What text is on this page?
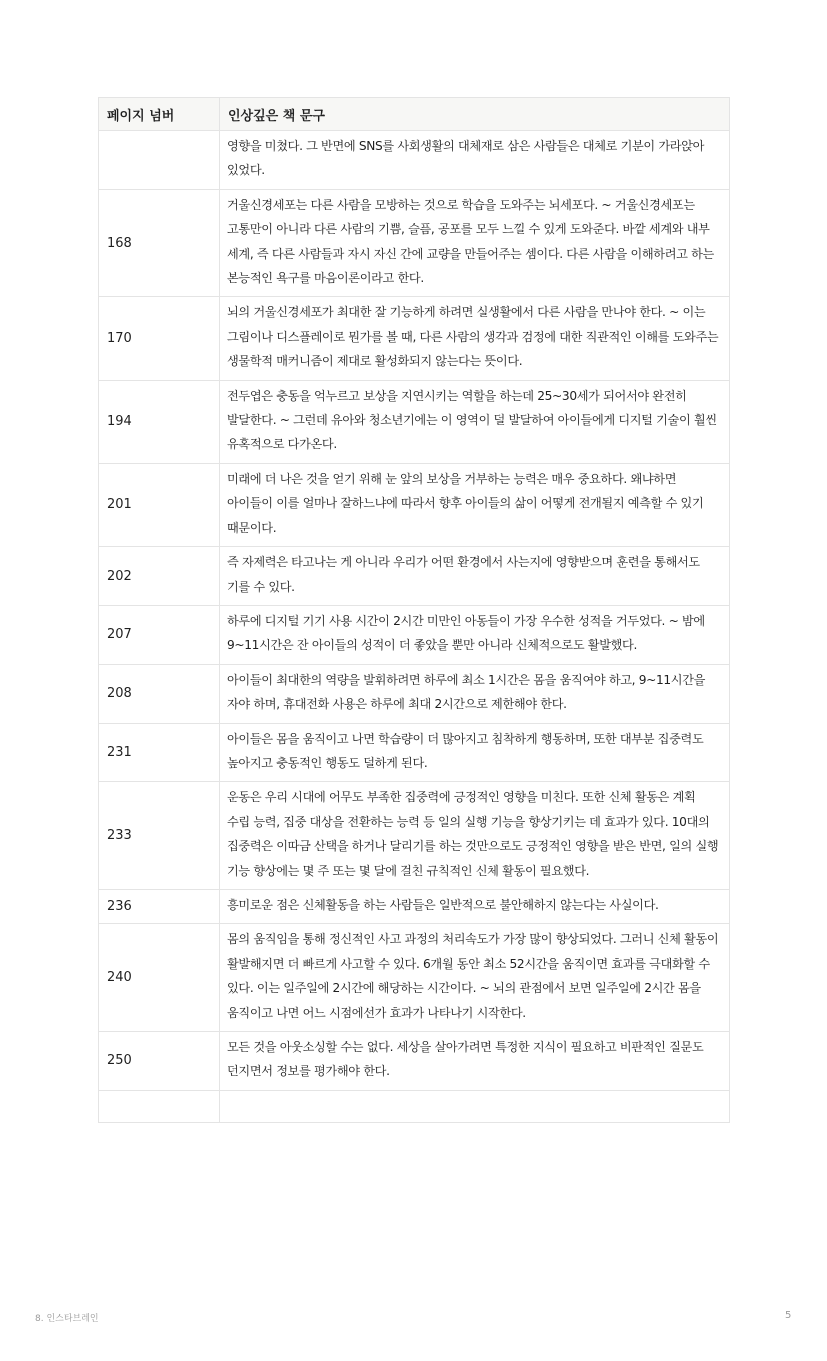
페이지 넘버	인상깊은 책 문구
	영향을 미쳤다. 그 반면에 SNS를 사회생활의 대체재로 삼은 사람들은 대체로 기분이 가라앉아 있었다.
168	거울신경세포는 다른 사람을 모방하는 것으로 학습을 도와주는 뇌세포다. ~ 거울신경세포는 고통만이 아니라 다른 사람의 기쁨, 슬픔, 공포를 모두 느낄 수 있게 도와준다. 바깥 세계와 내부 세계, 즉 다른 사람들과 자시 자신 간에 교량을 만들어주는 셈이다. 다른 사람을 이해하려고 하는 본능적인 욕구를 마음이론이라고 한다.
170	뇌의 거울신경세포가 최대한 잘 기능하게 하려면 실생활에서 다른 사람을 만나야 한다. ~ 이는 그림이나 디스플레이로 뭔가를 볼 때, 다른 사람의 생각과 검정에 대한 직관적인 이해를 도와주는 생물학적 매커니즘이 제대로 활성화되지 않는다는 뜻이다.
194	전두엽은 충동을 억누르고 보상을 지연시키는 역할을 하는데 25~30세가 되어서야 완전히 발달한다. ~ 그런데 유아와 청소년기에는 이 영역이 덜 발달하여 아이들에게 디지털 기술이 훨씬 유혹적으로 다가온다.
201	미래에 더 나은 것을 얻기 위해 눈 앞의 보상을 거부하는 능력은 매우 중요하다. 왜냐하면 아이들이 이를 얼마나 잘하느냐에 따라서 향후 아이들의 삶이 어떻게 전개될지 예측할 수 있기 때문이다.
202	즉 자제력은 타고나는 게 아니라 우리가 어떤 환경에서 사는지에 영향받으며 훈련을 통해서도 기를 수 있다.
207	하루에 디지털 기기 사용 시간이 2시간 미만인 아동들이 가장 우수한 성적을 거두었다. ~ 밤에 9~11시간은 잔 아이들의 성적이 더 좋았을 뿐만 아니라 신체적으로도 활발했다.
208	아이들이 최대한의 역량을 발휘하려면 하루에 최소 1시간은 몸을 움직여야 하고, 9~11시간을 자야 하며, 휴대전화 사용은 하루에 최대 2시간으로 제한해야 한다.
231	아이들은 몸을 움직이고 나면 학습량이 더 많아지고 침착하게 행동하며, 또한 대부분 집중력도 높아지고 충동적인 행동도 덜하게 된다.
233	운동은 우리 시대에 어무도 부족한 집중력에 긍정적인 영향을 미친다. 또한 신체 활동은 계획 수립 능력, 집중 대상을 전환하는 능력 등 일의 실행 기능을 향상기키는 데 효과가 있다. 10대의 집중력은 이따금 산택을 하거나 달리기를 하는 것만으로도 긍정적인 영향을 받은 반면, 일의 실행 기능 향상에는 몇 주 또는 몇 달에 걸친 규칙적인 신체 활동이 필요했다.
236	흥미로운 점은 신체활동을 하는 사람들은 일반적으로 불안해하지 않는다는 사실이다.
240	몸의 움직임을 통해 정신적인 사고 과정의 처리속도가 가장 많이 향상되었다. 그러니 신체 활동이 활발해지면 더 빠르게 사고할 수 있다. 6개월 동안 최소 52시간을 움직이면 효과를 극대화할 수 있다. 이는 일주일에 2시간에 해당하는 시간이다. ~ 뇌의 관점에서 보면 일주일에 2시간 몸을 움직이고 나면 어느 시점에선가 효과가 나타나기 시작한다.
250	모든 것을 아웃소싱할 수는 없다. 세상을 살아가려면 특정한 지식이 필요하고 비판적인 질문도 던지면서 정보를 평가해야 한다.

8. 인스타브레인	5
